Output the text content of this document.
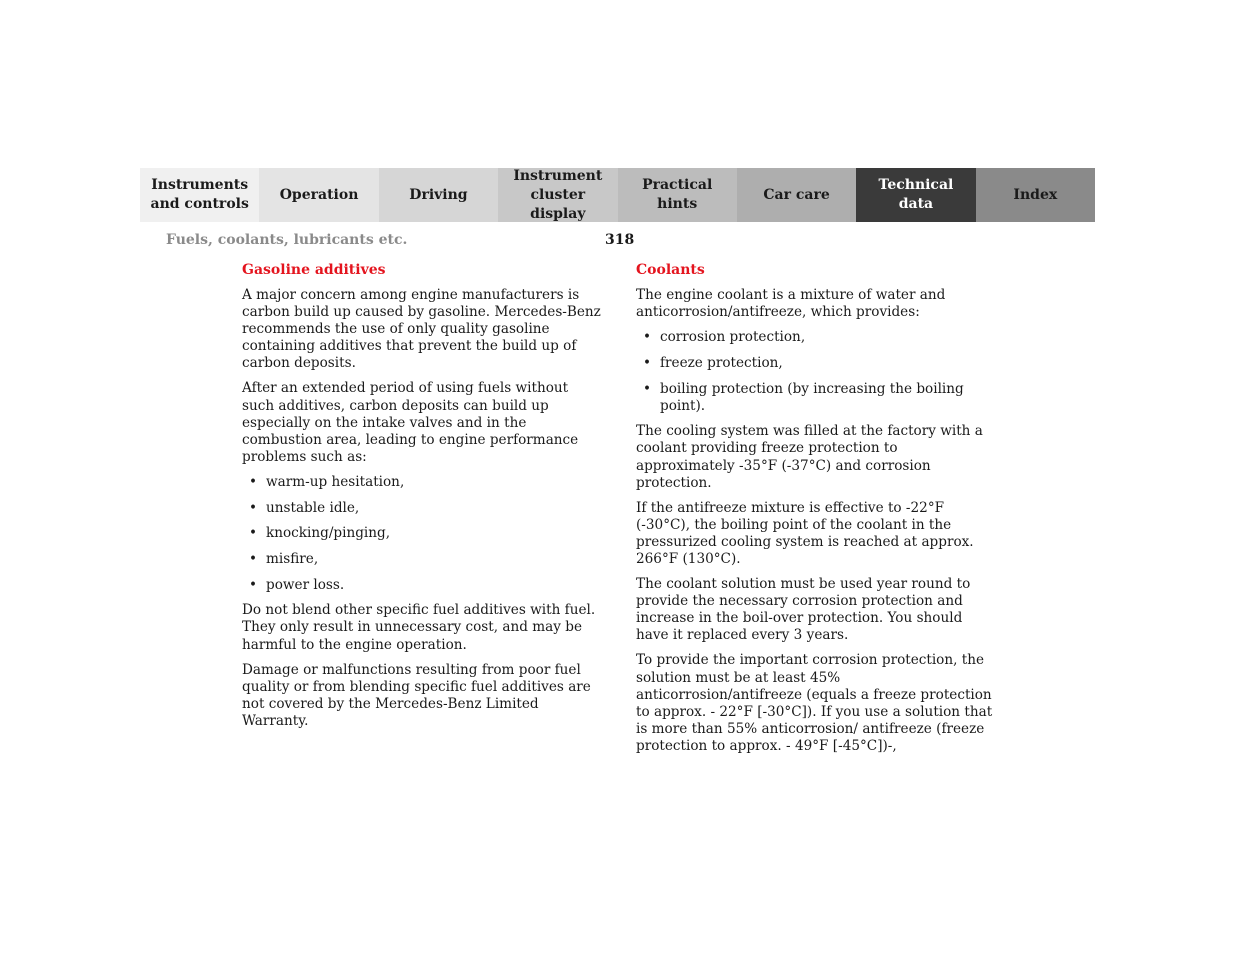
Instruments
and controls
Operation	Driving
Instrument
cluster display
Practical hints
Car care
Technical
data
Index
Fuels, coolants, lubricants etc.	318
Gasoline additives

A major concern among engine manufacturers is carbon build up caused by gasoline. Mercedes-Benz recommends the use of only quality gasoline containing additives that prevent the build up of carbon deposits.

After an extended period of using fuels without such additives, carbon deposits can build up especially on the intake valves and in the combustion area, leading to engine performance problems such as:

• warm-up hesitation,
• unstable idle,
• knocking/pinging,
• misfire,
• power loss.

Do not blend other specific fuel additives with fuel. They only result in unnecessary cost, and may be harmful to the engine operation.

Damage or malfunctions resulting from poor fuel quality or from blending specific fuel additives are not covered by the Mercedes-Benz Limited Warranty.

Coolants

The engine coolant is a mixture of water and anticorrosion/antifreeze, which provides:

• corrosion protection,
• freeze protection,
• boiling protection (by increasing the boiling point).

The cooling system was filled at the factory with a coolant providing freeze protection to approximately -35°F (-37°C) and corrosion protection.

If the antifreeze mixture is effective to -22°F (-30°C), the boiling point of the coolant in the pressurized cooling system is reached at approx. 266°F (130°C).

The coolant solution must be used year round to provide the necessary corrosion protection and increase in the boil-over protection. You should have it replaced every 3 years.

To provide the important corrosion protection, the solution must be at least 45% anticorrosion/antifreeze (equals a freeze protection to approx. - 22°F [-30°C]). If you use a solution that is more than 55% anticorrosion/ antifreeze (freeze protection to approx. - 49°F [-45°C])-,
